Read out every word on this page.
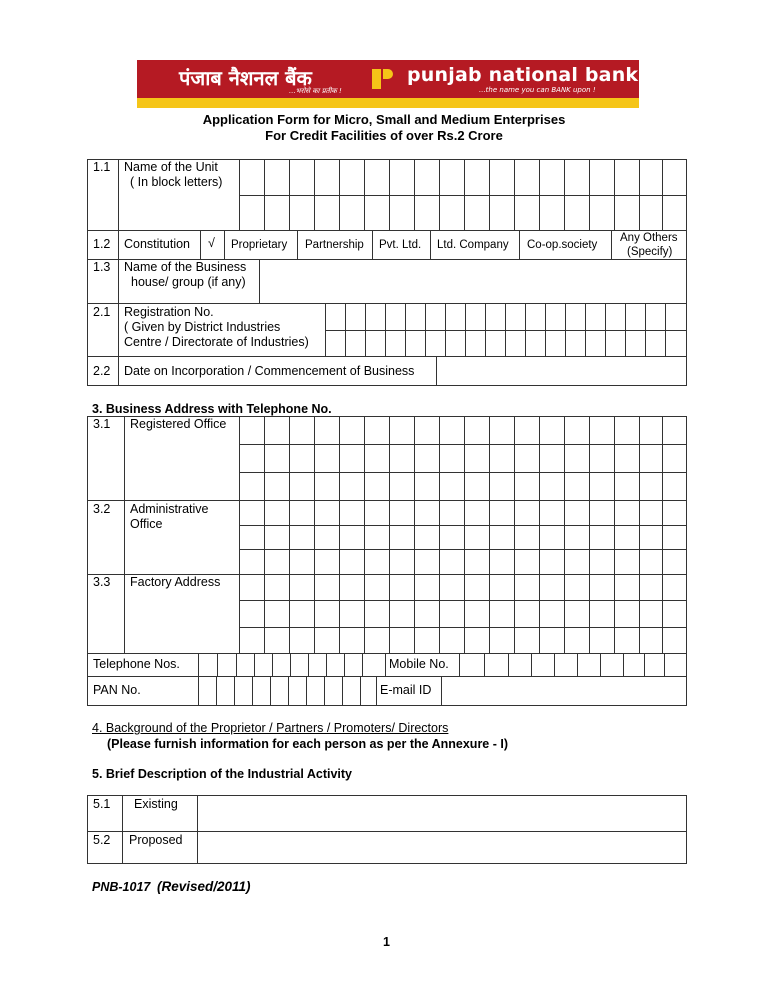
पंजाब नैशनल बैंक
...भरोसे का प्रतीक !
punjab national bank
...the name you can BANK upon !
Application Form for Micro, Small and Medium Enterprises
For Credit Facilities of over Rs.2 Crore
1.1 Name of the Unit
( In block letters)
1.2 Constitution √ Proprietary Partnership Pvt. Ltd. Ltd. Company Co-op.society
Any Others
(Specify)
1.3 Name of the Business
house/ group (if any)
2.1 Registration No.
( Given by District Industries
Centre / Directorate of Industries)
2.2 Date on Incorporation / Commencement of Business
3. Business Address with Telephone No.
3.1 Registered Office
3.2 Administrative
Office
3.3 Factory Address
Telephone Nos.	Mobile No.
PAN No.	E-mail ID
4. Background of the Proprietor / Partners / Promoters/ Directors
(Please furnish information for each person as per the Annexure - I)
5. Brief Description of the Industrial Activity
5.1 Existing
5.2 Proposed
PNB-1017 (Revised/2011)
1
